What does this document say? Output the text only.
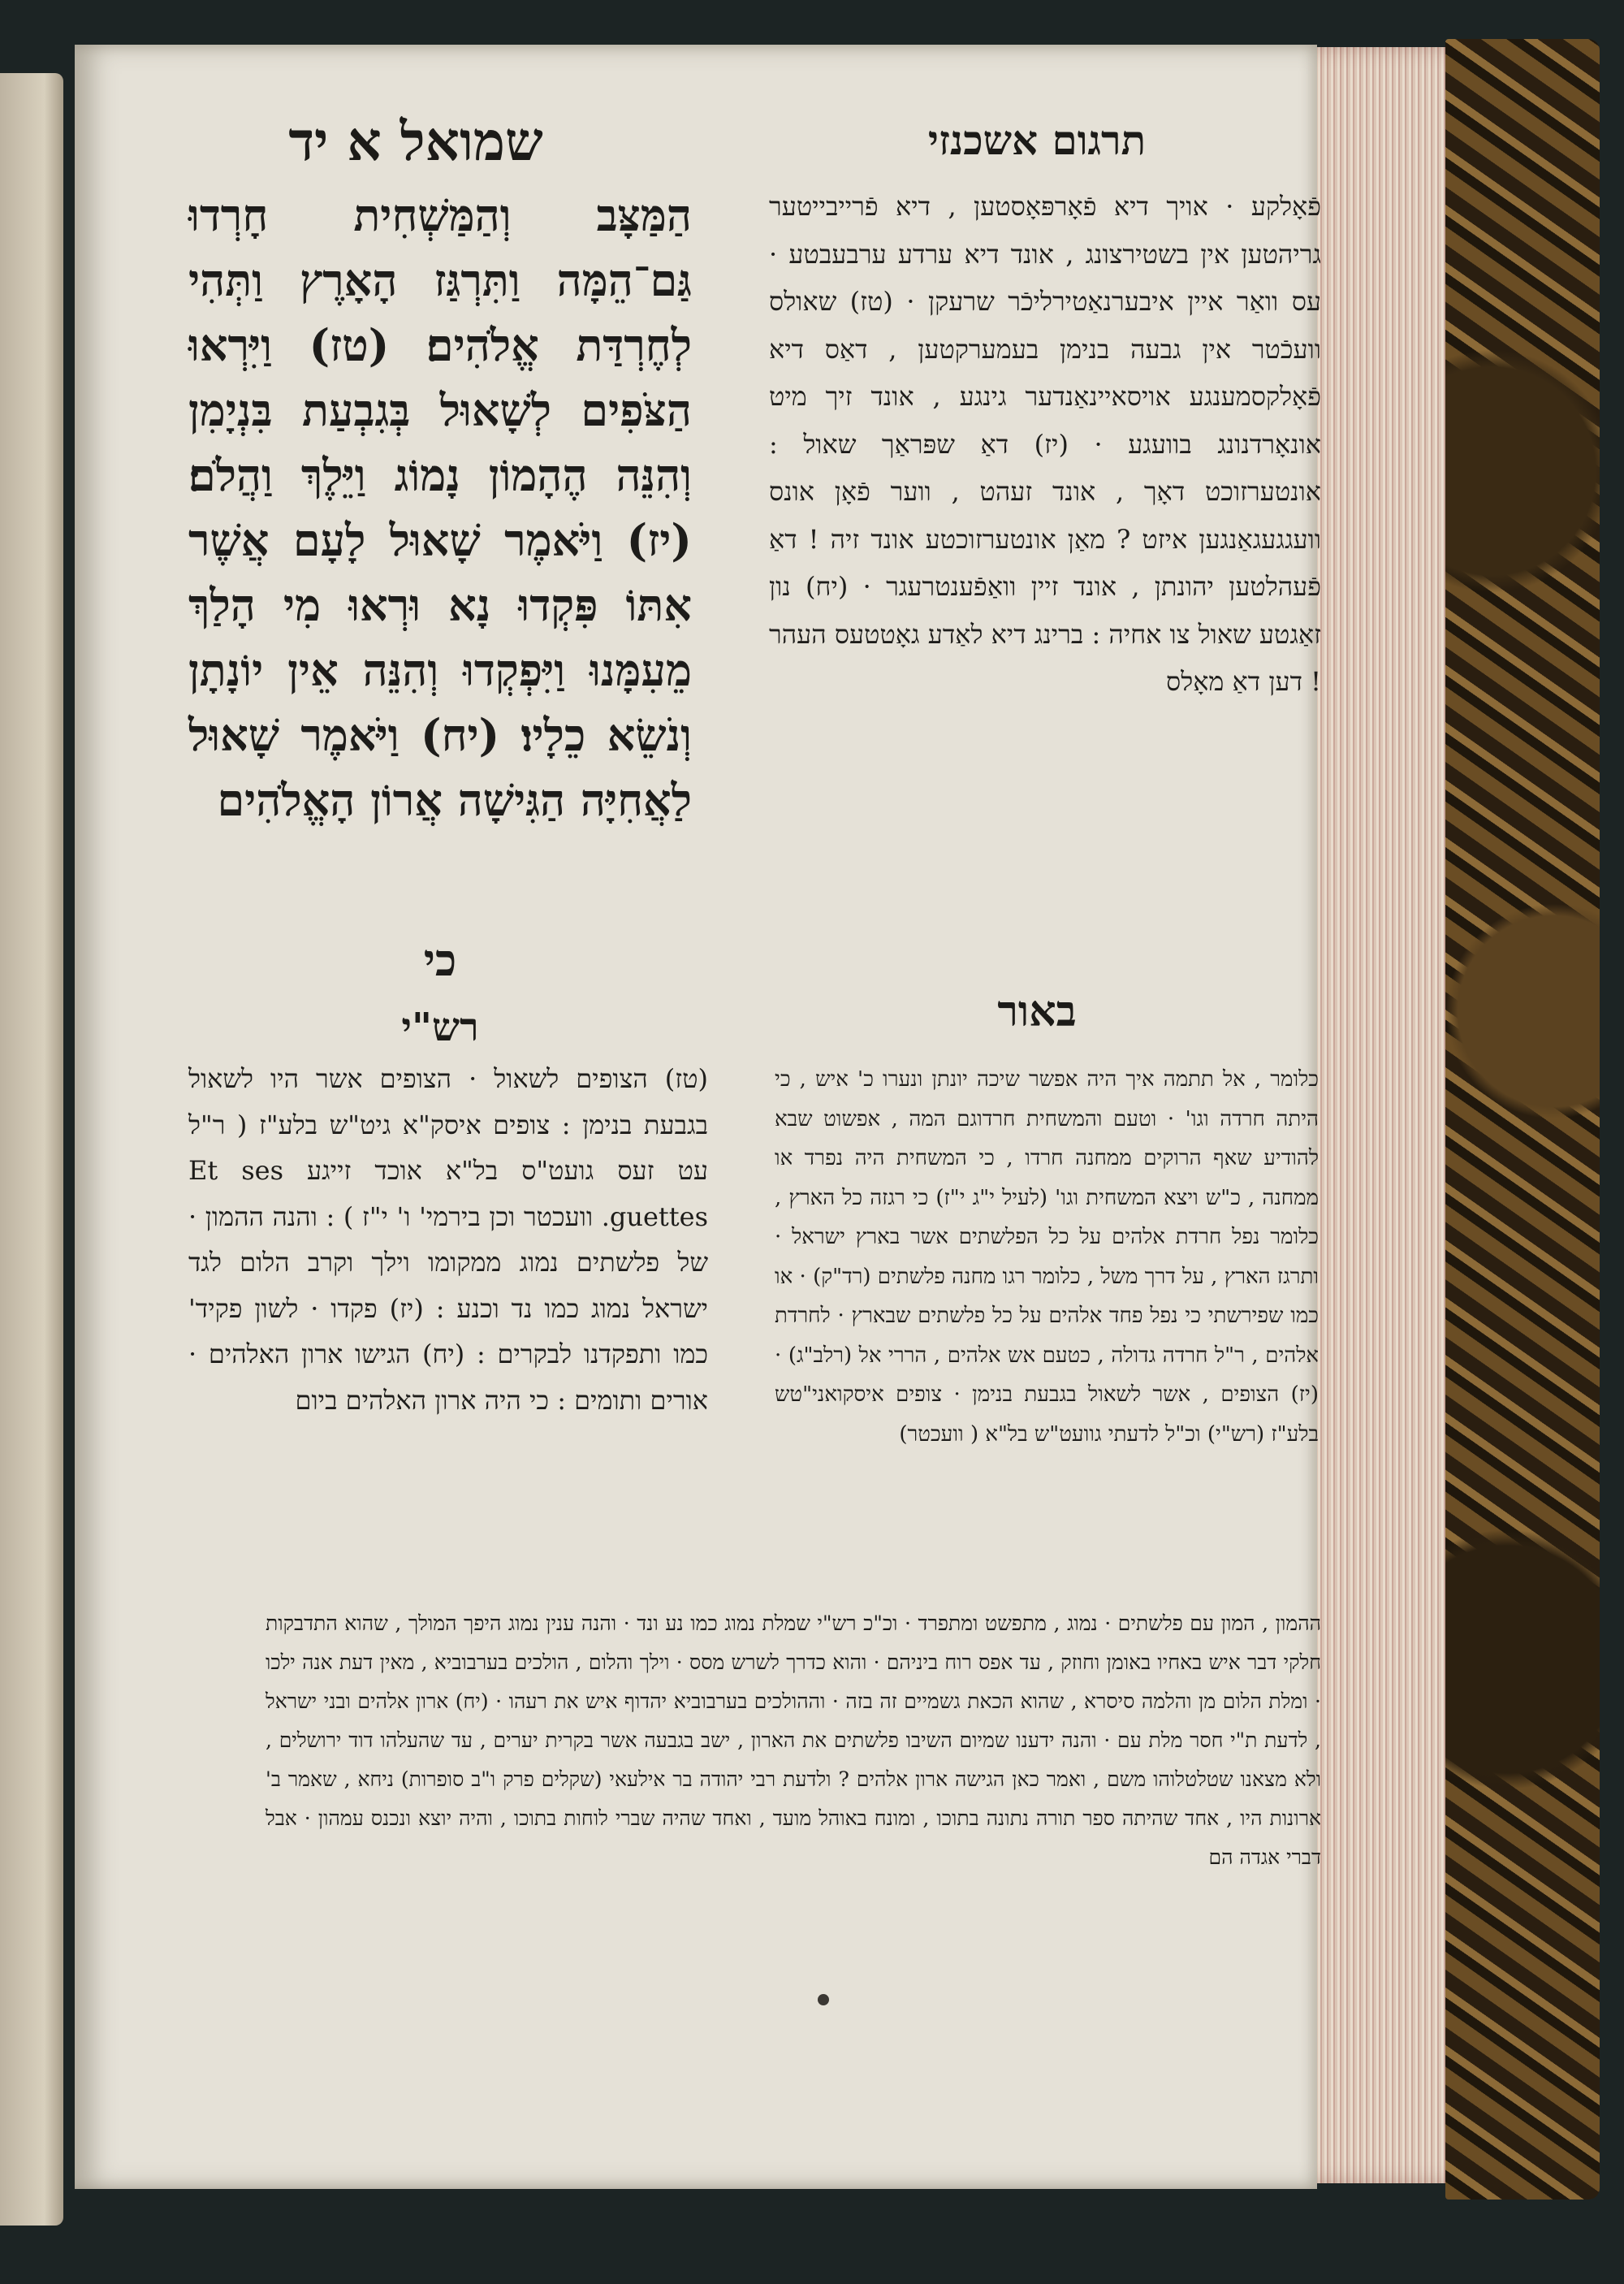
שמואל א יד	תרגום אשכנזי
הַמַּצָּב וְהַמַּשְׁחִית חָרְדוּ גַּם־הֵמָּה וַתִּרְגַּז הָאָרֶץ וַתְּהִי לְחֶרְדַּת אֱלֹהִים׃ (טז) וַיִּרְאוּ הַצֹּפִים לְשָׁאוּל בְּגִבְעַת בִּנְיָמִן וְהִנֵּה הֶהָמוֹן נָמוֹג וַיֵּלֶךְ וַהֲלֹם׃ (יז) וַיֹּאמֶר שָׁאוּל לָעָם אֲשֶׁר אִתּוֹ פִּקְדוּ נָא וּרְאוּ מִי הָלַךְ מֵעִמָּנוּ וַיִּפְקְדוּ וְהִנֵּה אֵין יוֹנָתָן וְנֹשֵׂא כֵלָיו׃ (יח) וַיֹּאמֶר שָׁאוּל לַאֲחִיָּה הַגִּישָׁה אֲרוֹן הָאֱלֹהִים
כי
פֿאָלקע · אויך דיא פֿאָרפּאָסטען , דיא פֿרייבייטער גריהטען אין בשטירצונג , אונד דיא ערדע ערבעבטע · עס וואַר איין איבערנאַטירליכֿר שרעקן · (טז) שאולס וועכֿטר אין גבעה בנימן בעמערקטען , דאַס דיא פֿאָלקסמענגע אויסאיינאַנדער גינגע , אונד זיך מיט אונאָרדנונג בוועגע · (יז) דאַ שפּראַך שאול : אונטערזוכט דאָך , אונד זעהט , ווער פֿאָן אונס וועגגעגאַנגען איזט ? מאַן אונטערזוכטע אונד זיה ! דאַ פֿעהלטען יהונתן , אונד זיין וואַפֿענטרעגר · (יח) נון זאַגטע שאול צו אחיה : ברינג דיא לאַדע גאָטטעס העהר ! דען דאַ מאָלס
רש"י	באור
(טז) הצופים לשאול · הצופים אשר היו לשאול בגבעת בנימן : צופים איסק"א גיט"ש בלע"ז ( ר"ל עט זעס גועט"ס בל"א אוכד זייגע Et ses guettes. וועכטר וכן בירמי' ו' י"ז ) : והנה ההמון · של פלשתים נמוג ממקומו וילך וקרב הלום לגד ישראל נמוג כמו נד וכנע : (יז) פקדו · לשון פקיד' כמו ותפקדנו לבקרים : (יח) הגישו ארון האלהים · אורים ותומים : כי היה ארון האלהים ביום
כלומר , אל תתמה איך היה אפשר שיכה יונתן ונערו כ' איש , כי היתה חרדה וגו' · וטעם והמשחית חרדוגם המה , אפשוט שבא להודיע שאף הרוקים ממחנה חרדו , כי המשחית היה נפרד או ממחנה , כ"ש ויצא המשחית וגו' (לעיל י"ג י"ז) כי רגזה כל הארץ , כלומר נפל חרדת אלהים על כל הפלשתים אשר בארץ ישראל · ותרגז הארץ , על דרך משל , כלומר רגו מחנה פלשתים (רד"ק) · או כמו שפירשתי כי נפל פחד אלהים על כל פלשתים שבארץ · לחרדת אלהים , ר"ל חרדה גדולה , כטעם אש אלהים , הררי אל (רלב"ג) · (יז) הצופים , אשר לשאול בגבעת בנימן · צופים איסקואני"טש בלע"ז (רש"י) וכ"ל לדעתי גוועט"ש בל"א ( וועכטר)
ההמון , המון עם פלשתים · נמוג , מתפשט ומתפרד · וכ"כ רש"י שמלת נמוג כמו נע ונד · והנה ענין נמוג היפך המולך , שהוא התדבקות חלקי דבר איש באחיו באומן וחוזק , עד אפס רוח ביניהם · והוא כדרך לשרש מסס · וילך והלום , הולכים בערבוביא , מאין דעת אנה ילכו · ומלת הלום מן והלמה סיסרא , שהוא הכאת גשמיים זה בזה · וההולכים בערבוביא יהדוף איש את רעהו · (יח) ארון אלהים ובני ישראל , לדעת ת"י חסר מלת עם · והנה ידענו שמיום השיבו פלשתים את הארון , ישב בגבעה אשר בקרית יערים , עד שהעלהו דוד ירושלים , ולא מצאנו שטלטלוהו משם , ואמר כאן הגישה ארון אלהים ? ולדעת רבי יהודה בר אילעאי (שקלים פרק ו"ב סופרות) ניחא , שאמר ב' ארונות היו , אחד שהיתה ספר תורה נתונה בתוכו , ומונח באוהל מועד , ואחד שהיה שברי לוחות בתוכו , והיה יוצא ונכנס עמהון · אבל דברי אגדה הם
